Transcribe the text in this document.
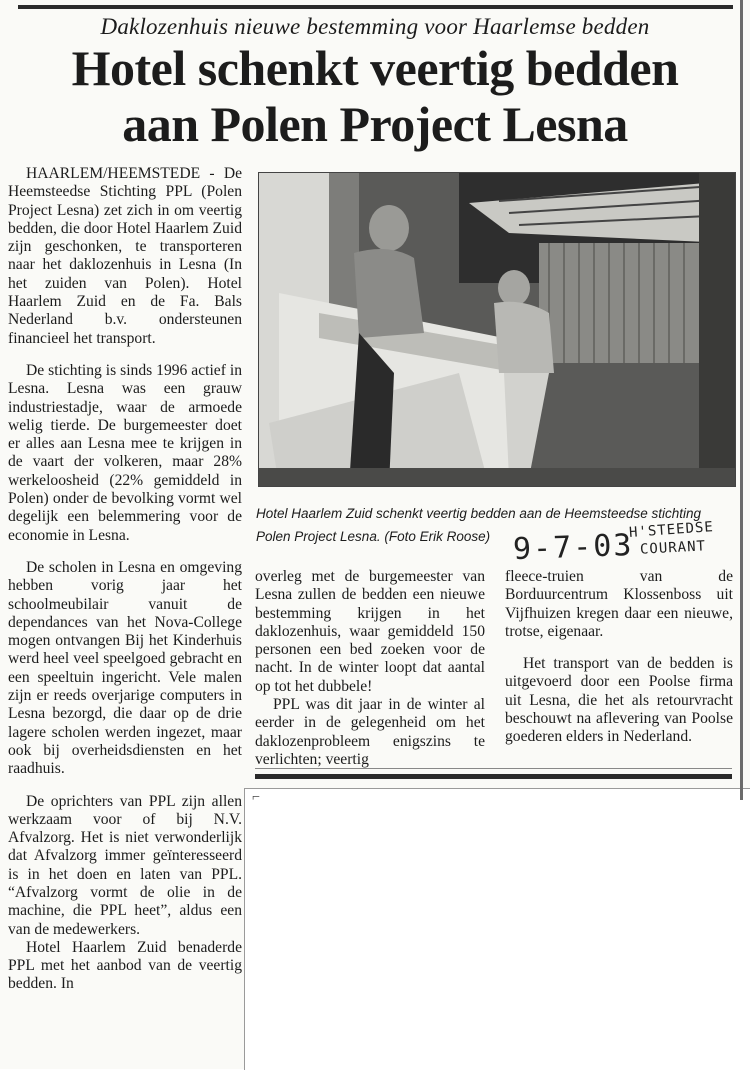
Daklozenhuis nieuwe bestemming voor Haarlemse bedden
Hotel schenkt veertig bedden
aan Polen Project Lesna

HAARLEM/HEEMSTEDE - De Heemsteedse Stichting PPL (Polen Project Lesna) zet zich in om veertig bedden, die door Hotel Haarlem Zuid zijn geschonken, te transporteren naar het daklozenhuis in Lesna (In het zuiden van Polen). Hotel Haarlem Zuid en de Fa. Bals Nederland b.v. ondersteunen financieel het transport.

De stichting is sinds 1996 actief in Lesna. Lesna was een grauw industriestadje, waar de armoede welig tierde. De burgemeester doet er alles aan Lesna mee te krijgen in de vaart der volkeren, maar 28% werkeloosheid (22% gemiddeld in Polen) onder de bevolking vormt wel degelijk een belemmering voor de economie in Lesna.

De scholen in Lesna en omgeving hebben vorig jaar het schoolmeubilair vanuit de dependances van het Nova-College mogen ontvangen Bij het Kinderhuis werd heel veel speelgoed gebracht en een speeltuin ingericht. Vele malen zijn er reeds overjarige computers in Lesna bezorgd, die daar op de drie lagere scholen werden ingezet, maar ook bij overheidsdiensten en het raadhuis.

De oprichters van PPL zijn allen werkzaam voor of bij N.V. Afvalzorg. Het is niet verwonderlijk dat Afvalzorg immer geïnteresseerd is in het doen en laten van PPL. “Afvalzorg vormt de olie in de machine, die PPL heet”, aldus een van de medewerkers.

Hotel Haarlem Zuid benaderde PPL met het aanbod van de veertig bedden. In

Hotel Haarlem Zuid schenkt veertig bedden aan de Heemsteedse stichting
Polen Project Lesna. (Foto Erik Roose) 9-7-03
H'STEEDSE
COURANT

overleg met de burgemeester van Lesna zullen de bedden een nieuwe bestemming krijgen in het daklozenhuis, waar gemiddeld 150 personen een bed zoeken voor de nacht. In de winter loopt dat aantal op tot het dubbele!

PPL was dit jaar in de winter al eerder in de gelegenheid om het daklozenprobleem enigszins te verlichten; veertig

fleece-truien van de Borduurcentrum Klossenboss uit Vijfhuizen kregen daar een nieuwe, trotse, eigenaar.

Het transport van de bedden is uitgevoerd door een Poolse firma uit Lesna, die het als retourvracht beschouwt na aflevering van Poolse goederen elders in Nederland.

⌐
